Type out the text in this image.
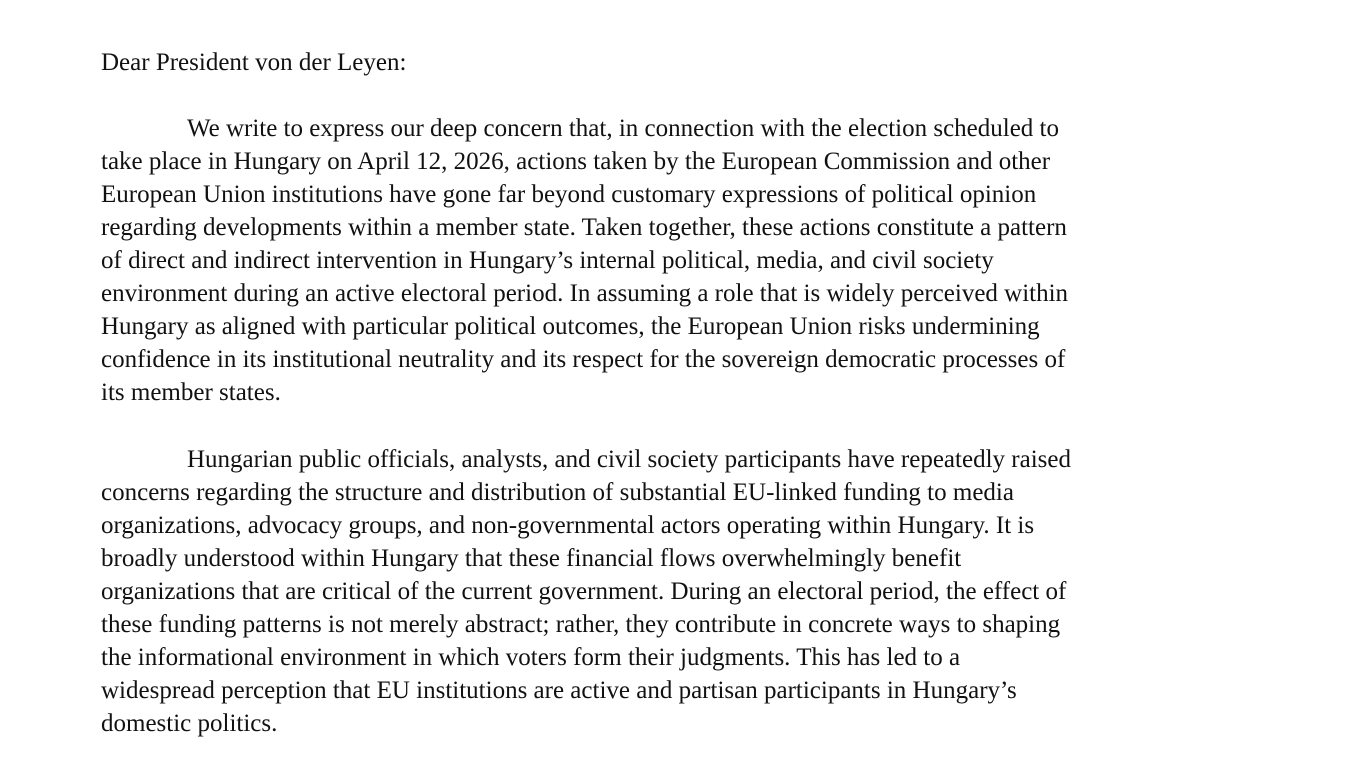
Dear President von der Leyen:

We write to express our deep concern that, in connection with the election scheduled to
take place in Hungary on April 12, 2026, actions taken by the European Commission and other
European Union institutions have gone far beyond customary expressions of political opinion
regarding developments within a member state. Taken together, these actions constitute a pattern
of direct and indirect intervention in Hungary’s internal political, media, and civil society
environment during an active electoral period. In assuming a role that is widely perceived within
Hungary as aligned with particular political outcomes, the European Union risks undermining
confidence in its institutional neutrality and its respect for the sovereign democratic processes of
its member states.
Hungarian public officials, analysts, and civil society participants have repeatedly raised
concerns regarding the structure and distribution of substantial EU-linked funding to media
organizations, advocacy groups, and non-governmental actors operating within Hungary. It is
broadly understood within Hungary that these financial flows overwhelmingly benefit
organizations that are critical of the current government. During an electoral period, the effect of
these funding patterns is not merely abstract; rather, they contribute in concrete ways to shaping
the informational environment in which voters form their judgments. This has led to a
widespread perception that EU institutions are active and partisan participants in Hungary’s
domestic politics.
